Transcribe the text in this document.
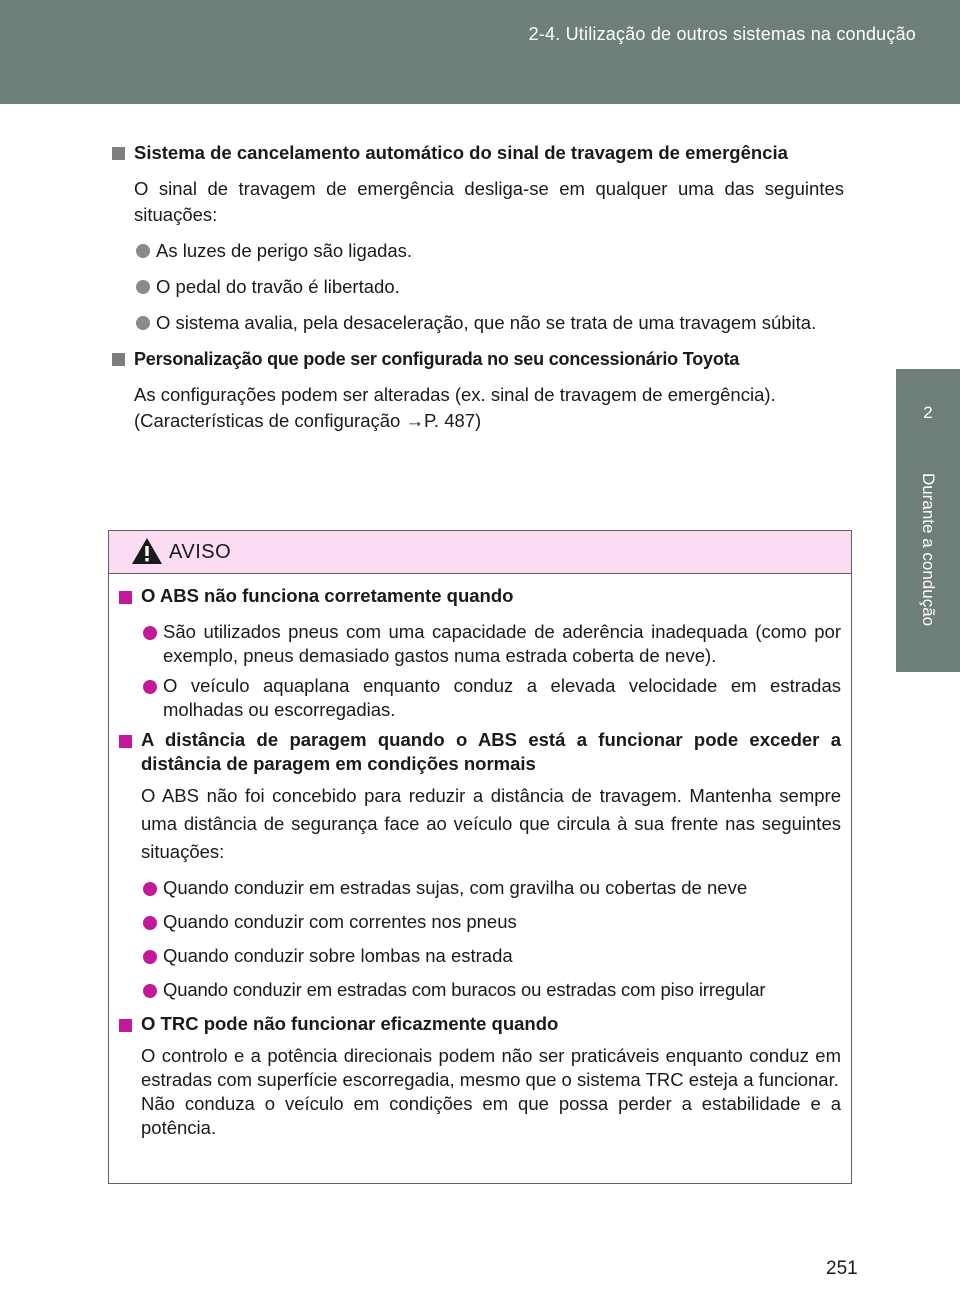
2-4. Utilização de outros sistemas na condução
2
Durante a condução

Sistema de cancelamento automático do sinal de travagem de emergência

O sinal de travagem de emergência desliga-se em qualquer uma das seguintes situações:

As luzes de perigo são ligadas.

O pedal do travão é libertado.

O sistema avalia, pela desaceleração, que não se trata de uma travagem súbita.

Personalização que pode ser configurada no seu concessionário Toyota

As configurações podem ser alteradas (ex. sinal de travagem de emergência).

(Características de configuração →P. 487)

AVISO

O ABS não funciona corretamente quando

São utilizados pneus com uma capacidade de aderência inadequada (como por exemplo, pneus demasiado gastos numa estrada coberta de neve).

O veículo aquaplana enquanto conduz a elevada velocidade em estradas molhadas ou escorregadias.

A distância de paragem quando o ABS está a funcionar pode exceder a distância de paragem em condições normais

O ABS não foi concebido para reduzir a distância de travagem. Mantenha sempre uma distância de segurança face ao veículo que circula à sua frente nas seguintes situações:

Quando conduzir em estradas sujas, com gravilha ou cobertas de neve

Quando conduzir com correntes nos pneus

Quando conduzir sobre lombas na estrada

Quando conduzir em estradas com buracos ou estradas com piso irregular

O TRC pode não funcionar eficazmente quando

O controlo e a potência direcionais podem não ser praticáveis enquanto conduz em estradas com superfície escorregadia, mesmo que o sistema TRC esteja a funcionar.

Não conduza o veículo em condições em que possa perder a estabilidade e a potência.

251
